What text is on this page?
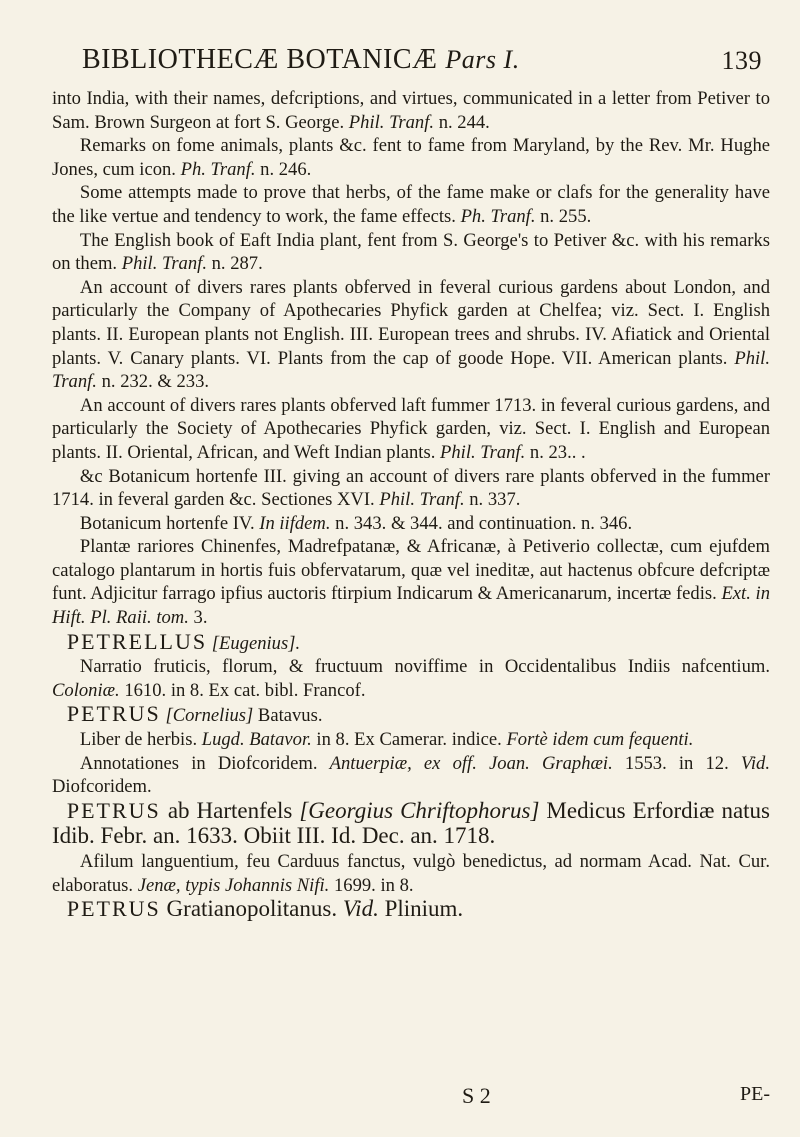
BIBLIOTHECÆ BOTANICÆ Pars I.	139

into India, with their names, defcriptions, and virtues, communicated in a letter from Petiver to Sam. Brown Surgeon at fort S. George. Phil. Tranf. n. 244.

Remarks on fome animals, plants &c. fent to fame from Maryland, by the Rev. Mr. Hughe Jones, cum icon. Ph. Tranf. n. 246.

Some attempts made to prove that herbs, of the fame make or clafs for the generality have the like vertue and tendency to work, the fame effects. Ph. Tranf. n. 255.

The English book of Eaft India plant, fent from S. George's to Petiver &c. with his remarks on them. Phil. Tranf. n. 287.

An account of divers rares plants obferved in feveral curious gardens about London, and particularly the Company of Apothecaries Phyfick garden at Chelfea; viz. Sect. I. English plants. II. European plants not English. III. European trees and shrubs. IV. Afiatick and Oriental plants. V. Canary plants. VI. Plants from the cap of goode Hope. VII. American plants. Phil. Tranf. n. 232. & 233.

An account of divers rares plants obferved laft fummer 1713. in feveral curious gardens, and particularly the Society of Apothecaries Phyfick garden, viz. Sect. I. English and European plants. II. Oriental, African, and Weft Indian plants. Phil. Tranf. n. 23.. .

&c Botanicum hortenfe III. giving an account of divers rare plants obferved in the fummer 1714. in feveral garden &c. Sectiones XVI. Phil. Tranf. n. 337.

Botanicum hortenfe IV. In iifdem. n. 343. & 344. and continuation. n. 346.

Plantæ rariores Chinenfes, Madrefpatanæ, & Africanæ, à Petiverio collectæ, cum ejufdem catalogo plantarum in hortis fuis obfervatarum, quæ vel ineditæ, aut hactenus obfcure defcriptæ funt. Adjicitur farrago ipfius auctoris ftirpium Indicarum & Americanarum, incertæ fedis. Ext. in Hift. Pl. Raii. tom. 3.

PETRELLUS [Eugenius].

Narratio fruticis, florum, & fructuum noviffime in Occidentalibus Indiis nafcentium. Coloniæ. 1610. in 8. Ex cat. bibl. Francof.

PETRUS [Cornelius] Batavus.

Liber de herbis. Lugd. Batavor. in 8. Ex Camerar. indice. Fortè idem cum fequenti.

Annotationes in Diofcoridem. Antuerpiæ, ex off. Joan. Graphæi. 1553. in 12. Vid. Diofcoridem.

PETRUS ab Hartenfels [Georgius Chriftophorus] Medicus Erfordiæ natus Idib. Febr. an. 1633. Obiit III. Id. Dec. an. 1718.

Afilum languentium, feu Carduus fanctus, vulgò benedictus, ad normam Acad. Nat. Cur. elaboratus. Jenæ, typis Johannis Nifi. 1699. in 8.

PETRUS Gratianopolitanus. Vid. Plinium.

S 2	PE-
